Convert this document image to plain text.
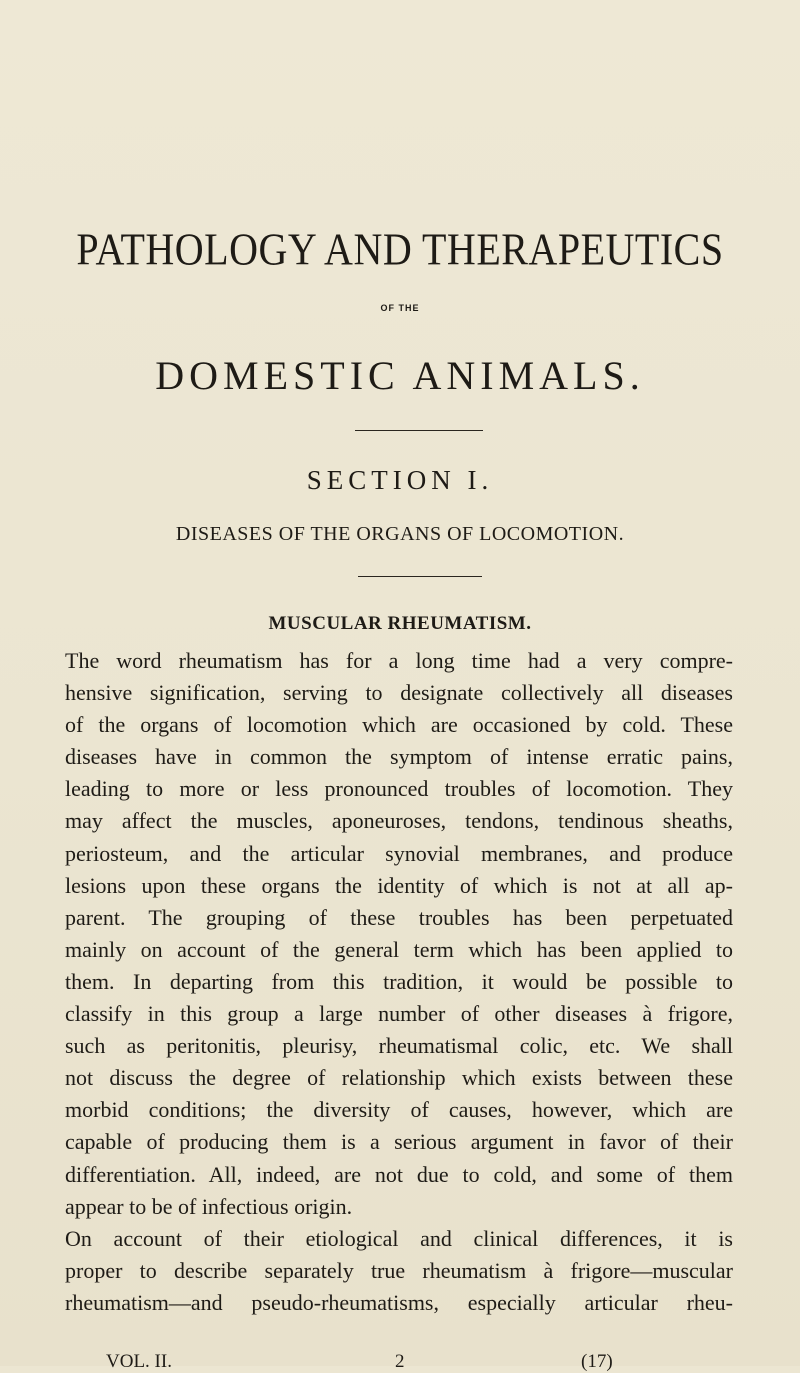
PATHOLOGY AND THERAPEUTICS
OF THE
DOMESTIC ANIMALS.
SECTION I.
DISEASES OF THE ORGANS OF LOCOMOTION.
MUSCULAR RHEUMATISM.
The word rheumatism has for a long time had a very compre-
hensive signification, serving to designate collectively all diseases
of the organs of locomotion which are occasioned by cold. These
diseases have in common the symptom of intense erratic pains,
leading to more or less pronounced troubles of locomotion. They
may affect the muscles, aponeuroses, tendons, tendinous sheaths,
periosteum, and the articular synovial membranes, and produce
lesions upon these organs the identity of which is not at all ap-
parent. The grouping of these troubles has been perpetuated
mainly on account of the general term which has been applied to
them. In departing from this tradition, it would be possible to
classify in this group a large number of other diseases à frigore,
such as peritonitis, pleurisy, rheumatismal colic, etc. We shall
not discuss the degree of relationship which exists between these
morbid conditions; the diversity of causes, however, which are
capable of producing them is a serious argument in favor of their
differentiation. All, indeed, are not due to cold, and some of them
appear to be of infectious origin.
On account of their etiological and clinical differences, it is
proper to describe separately true rheumatism à frigore—muscular
rheumatism—and pseudo-rheumatisms, especially articular rheu-
VOL. II.	2	(17)
